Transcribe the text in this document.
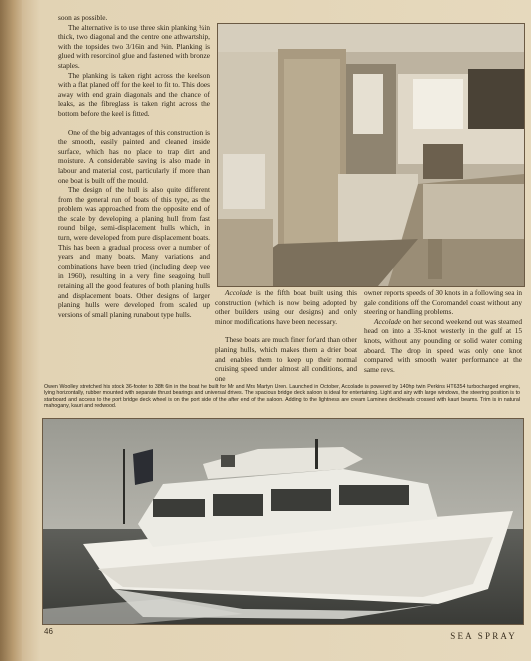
soon as possible.

The alternative is to use three skin planking ¾in thick, two diagonal and the centre one athwartship, with the topsides two 3/16in and ⅜in. Planking is glued with resorcinol glue and fastened with bronze staples.

The planking is taken right across the keelson with a flat planed off for the keel to fit to. This does away with end grain diagonals and the chance of leaks, as the fibreglass is taken right across the bottom before the keel is fitted.

One of the big advantages of this construction is the smooth, easily painted and cleaned inside surface, which has no place to trap dirt and moisture. A considerable saving is also made in labour and material cost, particularly if more than one boat is built off the mould.

The design of the hull is also quite different from the general run of boats of this type, as the problem was approached from the opposite end of the scale by developing a planing hull from fast round bilge, semi-displacement hulls which, in turn, were developed from pure displacement boats. This has been a gradual process over a number of years and many boats. Many variations and combinations have been tried (including deep vee in 1960), resulting in a very fine seagoing hull retaining all the good features of both planing hulls and displacement boats. Other designs of larger planing hulls were developed from scaled up versions of small planing runabout type hulls.

Accolade is the fifth boat built using this construction (which is now being adopted by other builders using our designs) and only minor modifications have been necessary.

These boats are much finer for'ard than other planing hulls, which makes them a drier boat and enables them to keep up their normal cruising speed under almost all conditions, and one

owner reports speeds of 30 knots in a following sea in gale conditions off the Coromandel coast without any steering or handling problems.

Accolade on her second weekend out was steamed head on into a 35-knot westerly in the gulf at 15 knots, without any pounding or solid water coming aboard. The drop in speed was only one knot compared with smooth water performance at the same revs.

Owen Woolley stretched his stock 36-footer to 38ft 6in in the boat he built for Mr and Mrs Martyn Uren. Launched in October, Accolade is powered by 140hp twin Perkins HT6354 turbocharged engines, lying horizontally, rubber mounted with separate thrust bearings and universal drives. The spacious bridge deck saloon is ideal for entertaining. Light and airy with large windows, the steering position is to starboard and access to the port bridge deck wheel is on the port side of the after end of the saloon. Adding to the lightness are cream Laminex deckheads crossed with kauri beams. Trim is in natural mahogany, kauri and redwood.
46	SEA SPRAY
